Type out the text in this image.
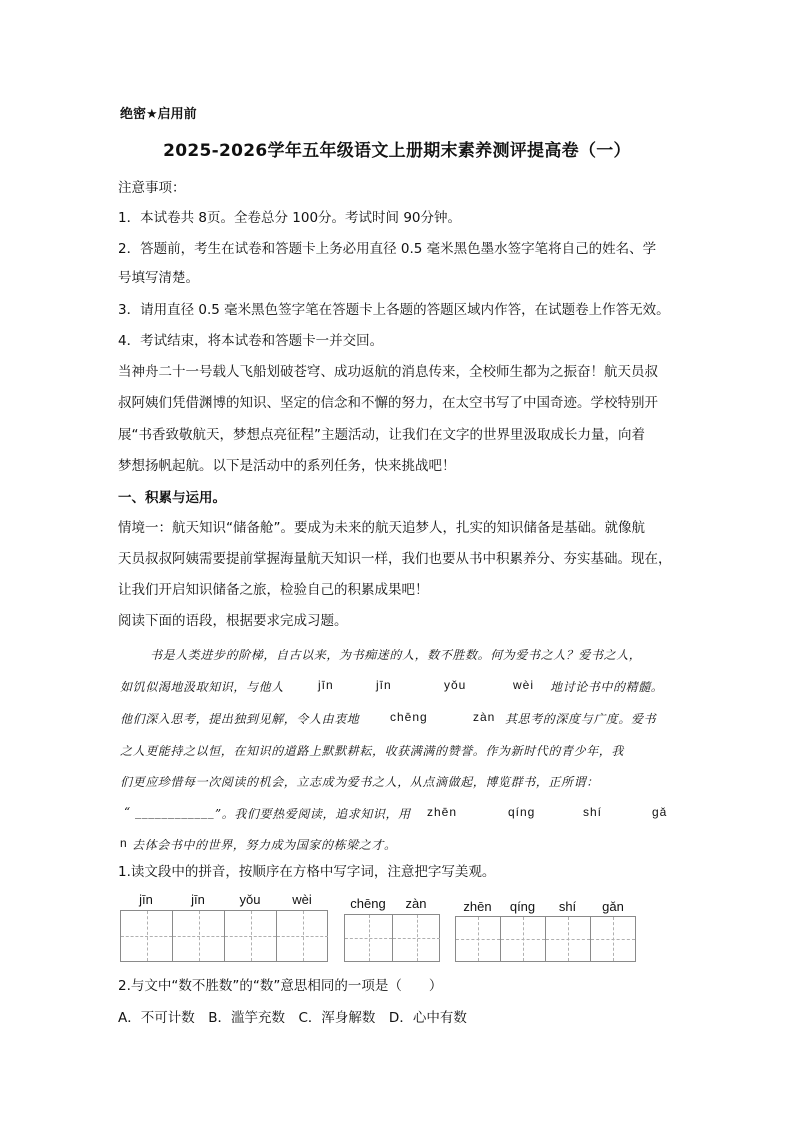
绝密★启用前
2025-2026学年五年级语文上册期末素养测评提高卷（一）
注意事项：
1．本试卷共 8页。全卷总分 100分。考试时间 90分钟。
2．答题前，考生在试卷和答题卡上务必用直径 0.5 毫米黑色墨水签字笔将自己的姓名、学
号填写清楚。
3．请用直径 0.5 毫米黑色签字笔在答题卡上各题的答题区域内作答，在试题卷上作答无效。
4．考试结束，将本试卷和答题卡一并交回。
当神舟二十一号载人飞船划破苍穹、成功返航的消息传来，全校师生都为之振奋！航天员叔
叔阿姨们凭借渊博的知识、坚定的信念和不懈的努力，在太空书写了中国奇迹。学校特别开
展“书香致敬航天，梦想点亮征程”主题活动，让我们在文字的世界里汲取成长力量，向着
梦想扬帆起航。以下是活动中的系列任务，快来挑战吧！
一、积累与运用。
情境一：航天知识“储备舱”。要成为未来的航天追梦人，扎实的知识储备是基础。就像航
天员叔叔阿姨需要提前掌握海量航天知识一样，我们也要从书中积累养分、夯实基础。现在，
让我们开启知识储备之旅，检验自己的积累成果吧！
阅读下面的语段，根据要求完成习题。
书是人类进步的阶梯，自古以来，为书痴迷的人，数不胜数。何为爱书之人？爱书之人，
如饥似渴地汲取知识，与他人	jīn	jīn	yǒu	wèi 地讨论书中的精髓。
他们深入思考，提出独到见解，令人由衷地	chēng	zàn 其思考的深度与广度。爱书
之人更能持之以恒，在知识的道路上默默耕耘，收获满满的赞誉。作为新时代的青少年，我
们更应珍惜每一次阅读的机会，立志成为爱书之人，从点滴做起，博览群书，正所谓：
“ ____________ ”。我们要热爱阅读，追求知识，用 zhēn	qíng	shí	gǎ
n 去体会书中的世界，努力成为国家的栋梁之才。
1.读文段中的拼音，按顺序在方格中写字词，注意把字写美观。
jīn	jīn	yǒu	wèi	chēng	zàn	zhēn	qíng	shí	gǎn
2.与文中“数不胜数”的“数”意思相同的一项是（　　）
A．不可计数　B．滥竽充数　C．浑身解数　D．心中有数
